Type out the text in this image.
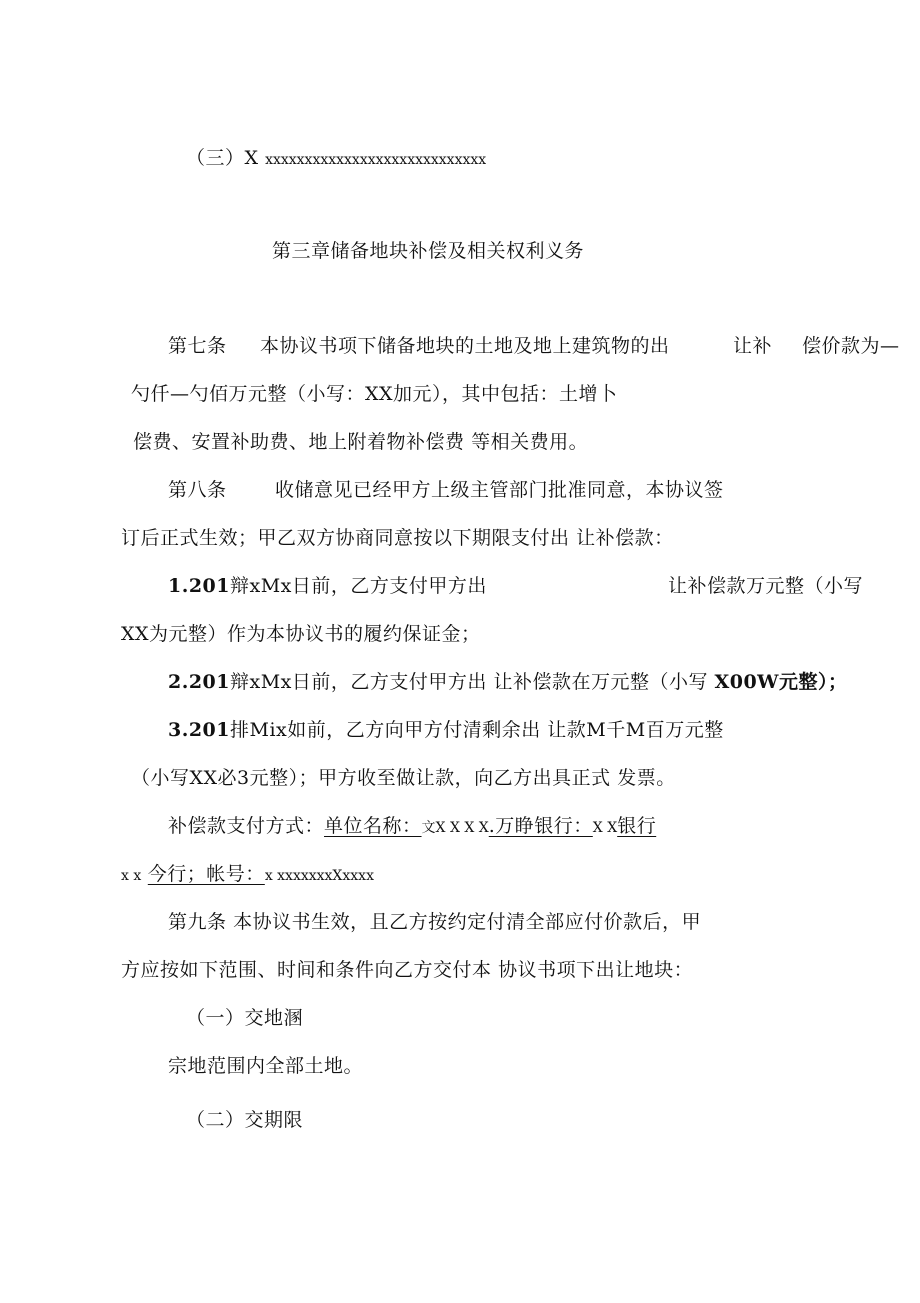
（三）X xxxxxxxxxxxxxxxxxxxxxxxxxxxx
第三章储备地块补偿及相关权利义务
第七条 本协议书项下储备地块的土地及地上建筑物的出	让补 偿价款为—
勺仟—勺佰万元整（小写：XX加元），其中包括：土增卜
偿费、安置补助费、地上附着物补偿费 等相关费用。
第八条	收储意见已经甲方上级主管部门批准同意，本协议签
订后正式生效；甲乙双方协商同意按以下期限支付出 让补偿款：
1.201辩xMx日前，乙方支付甲方出	让补偿款万元整（小写
XX为元整）作为本协议书的履约保证金；
2.201辩xMx日前，乙方支付甲方出 让补偿款在万元整（小写 X00W元整）；
3.201排Mix如前，乙方向甲方付清剩余出 让款M千M百万元整
（小写XX必3元整）；甲方收至做让款，向乙方出具正式 发票。
补偿款支付方式：单位名称：文X X X X.万睁银行：X X银行
x x 今行；帐号：x xxxxxxxXxxxx
第九条 本协议书生效，且乙方按约定付清全部应付价款后，甲
方应按如下范围、时间和条件向乙方交付本 协议书项下出让地块：
（一）交地溷
宗地范围内全部土地。
（二）交期限
